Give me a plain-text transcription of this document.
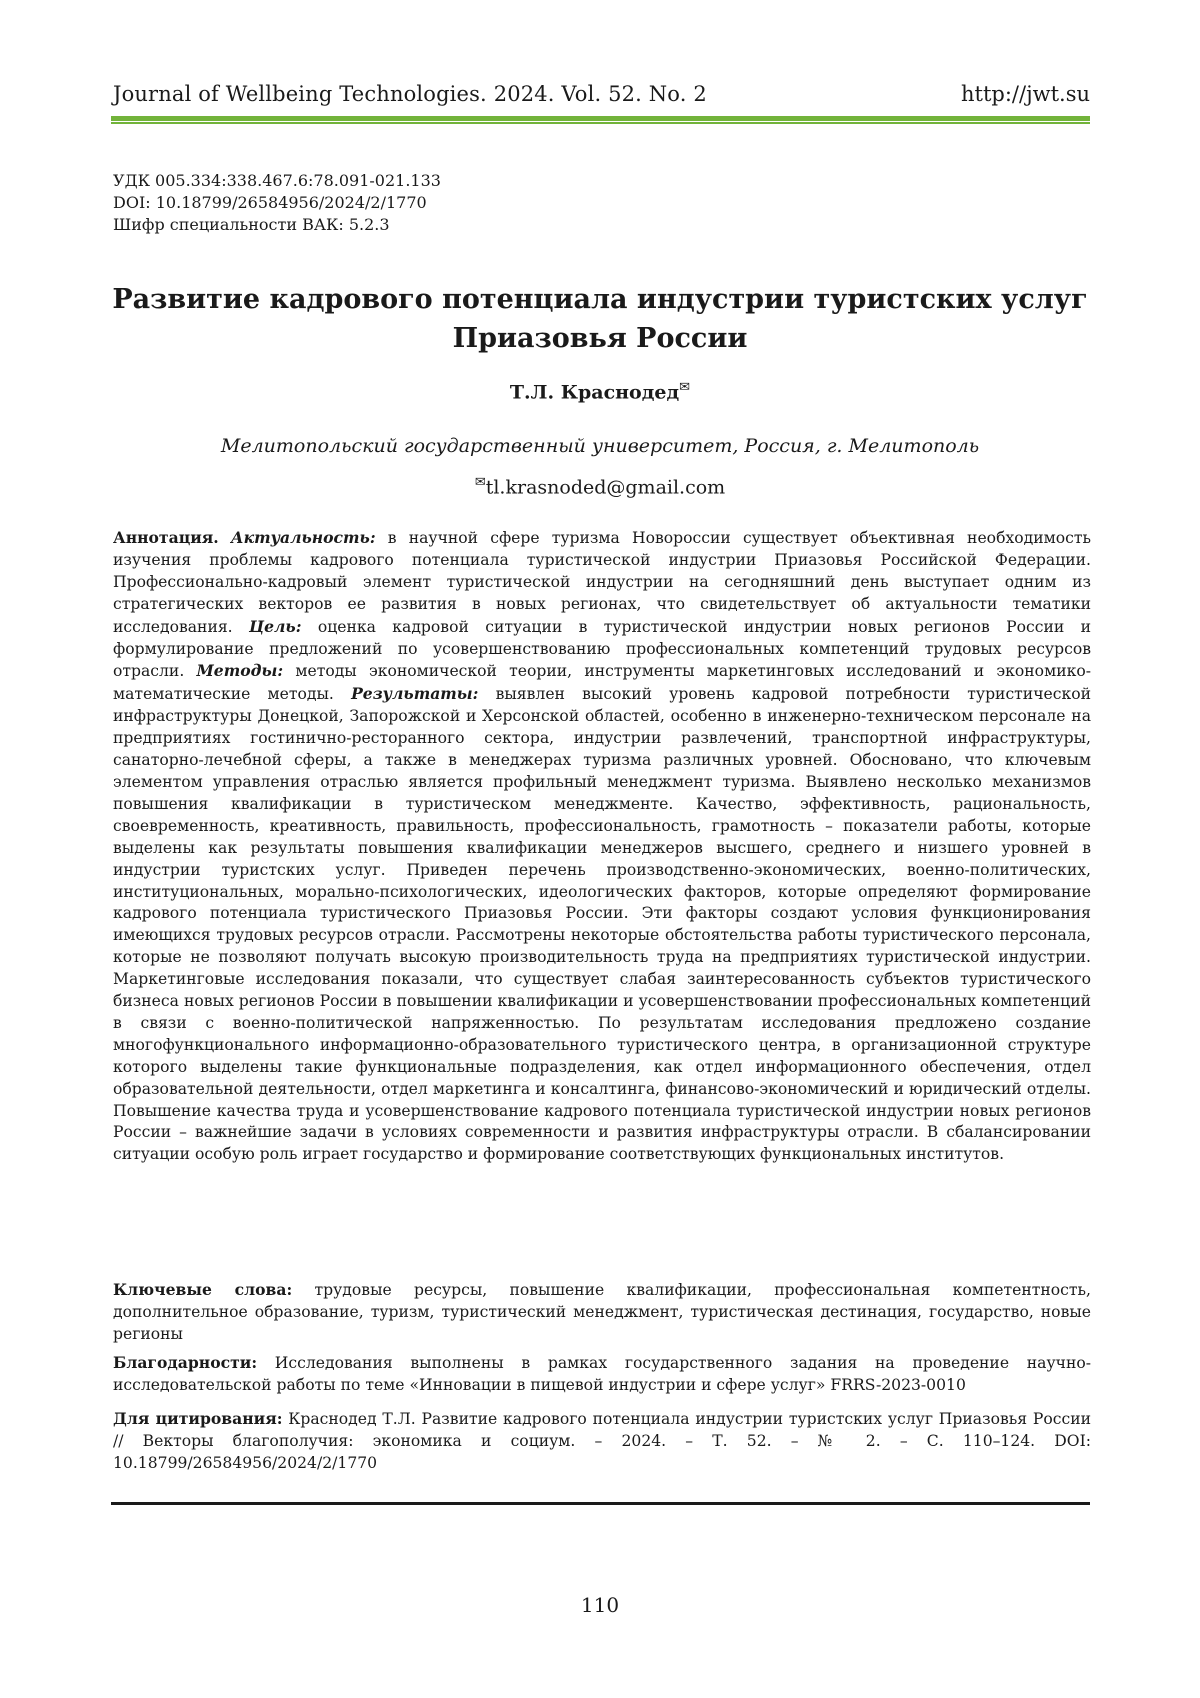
Journal of Wellbeing Technologies. 2024. Vol. 52. No. 2	http://jwt.su
УДК 005.334:338.467.6:78.091-021.133
DOI: 10.18799/26584956/2024/2/1770
Шифр специальности ВАК: 5.2.3
Развитие кадрового потенциала индустрии туристских услуг
Приазовья России
Т.Л. Краснодед✉
Мелитопольский государственный университет, Россия, г. Мелитополь
✉tl.krasnoded@gmail.com

Аннотация. Актуальность: в научной сфере туризма Новороссии существует объективная необходимость изучения проблемы кадрового потенциала туристической индустрии Приазовья Российской Федерации. Профессионально-кадровый элемент туристической индустрии на сегодняшний день выступает одним из стратегических векторов ее развития в новых регионах, что свидетельствует об актуальности тематики исследования. Цель: оценка кадровой ситуации в туристической индустрии новых регионов России и формулирование предложений по усовершенствованию профессиональных компетенций трудовых ресурсов отрасли. Методы: методы экономической теории, инструменты маркетинговых исследований и экономико-математические методы. Результаты: выявлен высокий уровень кадровой потребности туристической инфраструктуры Донецкой, Запорожской и Херсонской областей, особенно в инженерно-техническом персонале на предприятиях гостинично-ресторанного сектора, индустрии развлечений, транспортной инфраструктуры, санаторно-лечебной сферы, а также в менеджерах туризма различных уровней. Обосновано, что ключевым элементом управления отраслью является профильный менеджмент туризма. Выявлено несколько механизмов повышения квалификации в туристическом менеджменте. Качество, эффективность, рациональность, своевременность, креативность, правильность, профессиональность, грамотность – показатели работы, которые выделены как результаты повышения квалификации менеджеров высшего, среднего и низшего уровней в индустрии туристских услуг. Приведен перечень производственно-экономических, военно-политических, институциональных, морально-психологических, идеологических факторов, которые определяют формирование кадрового потенциала туристического Приазовья России. Эти факторы создают условия функционирования имеющихся трудовых ресурсов отрасли. Рассмотрены некоторые обстоятельства работы туристического персонала, которые не позволяют получать высокую производительность труда на предприятиях туристической индустрии. Маркетинговые исследования показали, что существует слабая заинтересованность субъектов туристического бизнеса новых регионов России в повышении квалификации и усовершенствовании профессиональных компетенций в связи с военно-политической напряженностью. По результатам исследования предложено создание многофункционального информационно-образовательного туристического центра, в организационной структуре которого выделены такие функциональные подразделения, как отдел информационного обеспечения, отдел образовательной деятельности, отдел маркетинга и консалтинга, финансово-экономический и юридический отделы. Повышение качества труда и усовершенствование кадрового потенциала туристической индустрии новых регионов России – важнейшие задачи в условиях современности и развития инфраструктуры отрасли. В сбалансировании ситуации особую роль играет государство и формирование соответствующих функциональных институтов.

Ключевые слова: трудовые ресурсы, повышение квалификации, профессиональная компетентность, дополнительное образование, туризм, туристический менеджмент, туристическая дестинация, государство, новые регионы

Благодарности: Исследования выполнены в рамках государственного задания на проведение научно-исследовательской работы по теме «Инновации в пищевой индустрии и сфере услуг» FRRS-2023-0010

Для цитирования: Краснодед Т.Л. Развитие кадрового потенциала индустрии туристских услуг Приазовья России // Векторы благополучия: экономика и социум. – 2024. – Т. 52. – № 2. – С. 110–124. DOI: 10.18799/26584956/2024/2/1770

110
